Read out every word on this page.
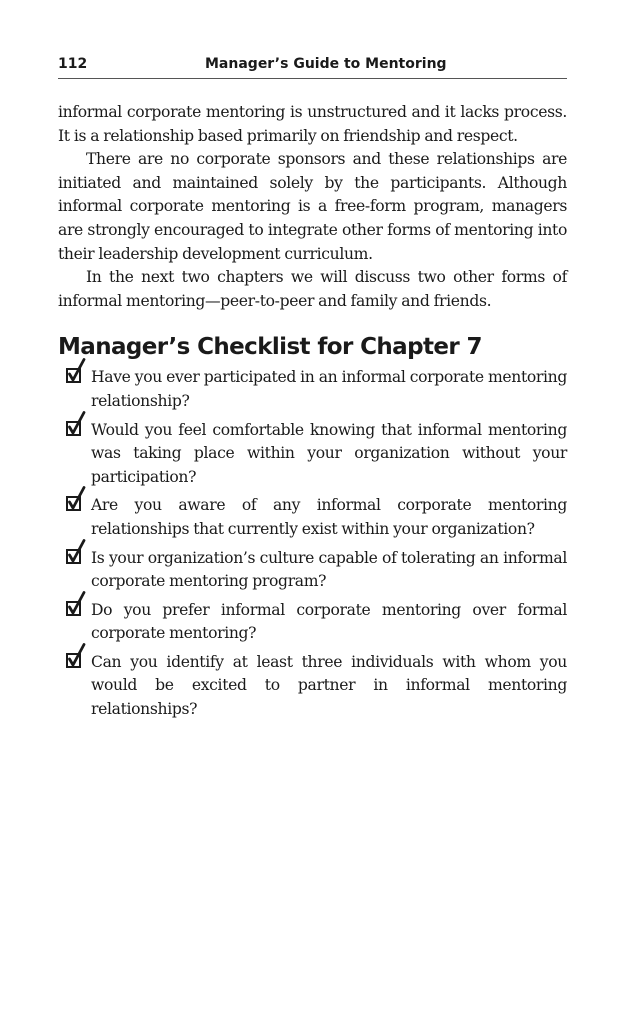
112	Manager’s Guide to Mentoring

informal corporate mentoring is unstructured and it lacks process. It is a relationship based primarily on friendship and respect.

There are no corporate sponsors and these relationships are initiated and maintained solely by the participants. Although informal corporate mentoring is a free-form program, managers are strongly encouraged to integrate other forms of mentoring into their leadership development curriculum.

In the next two chapters we will discuss two other forms of informal mentoring—peer-to-peer and family and friends.

Manager’s Checklist for Chapter 7
Have you ever participated in an informal corporate mentoring relationship?
Would you feel comfortable knowing that informal mentoring was taking place within your organization without your participation?
Are you aware of any informal corporate mentoring relationships that currently exist within your organization?
Is your organization’s culture capable of tolerating an informal corporate mentoring program?
Do you prefer informal corporate mentoring over formal corporate mentoring?
Can you identify at least three individuals with whom you would be excited to partner in informal mentoring relationships?
